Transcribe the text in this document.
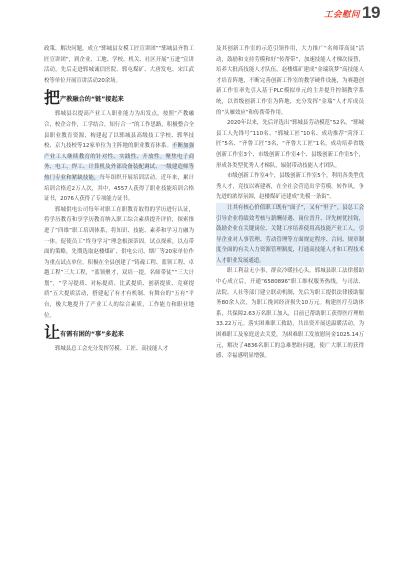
工会慰问 19

政策、解决问题。成立“郓城县女模工匠宣讲团”“郓城县齐鲁工匠宣讲团”，到企业、工地、学校、机关、社区开展“五进”宣讲活动，先后走进郓城诚信医院、郓屯煤矿、大唐发电、宋江武校等单位开展宣讲活动20余场。

把产教融合的“链”接起来

郓城县以提高产业工人职业能力为出发点，按照“产教融合，校企合作，工学结合，知行合一”的工作思路，积极整合全县职业教育资源，构建起了以郓城县高级技工学校、郓华技校、京九技校等12家单位为主阵地的职业教育体系。不断加强产业工人继续教育的针对性、实践性、开放性。聚焦电子商务、电工、焊工、计算机及外部设备装配调试、一级建造师等热门专业和紧缺技能，每年组织开展培训活动。近年来，累计培训合格近2万人次，其中，4557人获得了职业技能培训合格证书，2076人获得了专项能力证书。

郓城供电公司每年对职工在职教育取得的学历进行认证，将学历教育和享学历教育纳入职工综合素质提升评价，探索推进了“四维”职工培训体系，将知识、技能、素养和学习力融为一体，促使员工“终身学习”理念根深蒂固。试点探索，以点带面的策略，先期选取赵楼煤矿、供电公司、烟厂等20家单位作为重点试点单位，积极在全县创建了“铸魂工程、蓝领工程、卓越工程”三大工程，“蓝领聚才，双培一提，名师带徒”“三大计划”，“学习提质、对标提质、比武提质、创新提质、竞赛提质”五大提质活动，搭建起了有才有机制、有舞台的“五有”平台，极大地提升了产业工人的综合素质，工作能力和职业地位。

让有需有困的“事”多起来

郓城县总工会充分发挥劳模、工匠、高技能人才

及其创新工作室的示范引领作用，大力推广“名师带高徒”活动，鼓励和支持劳模和好“传帮带”，加速技能人才梯次接替，培养大批高技能人才队伍。赵楼煤矿建成“金瑞筑梦”高技能人才培育阵地，不断完善创新工作室的教学硬件设施，为赛越创新工作室率先引入基于PLC模拟单元的主井提升控制教学系统，以省级创新工作室为阵地，充分发挥“金瑞”人才库成员的“头雁效应”和传帮带作用。

2020年以来，先后评选出“郓城县劳动模范”52名、“郓城县工人先锋号”110名、“郓城工匠”10名、成功推荐“菏泽工匠”5名、“齐鲁工匠”3名、“齐鲁大工匠”1名，成功培养省级创新工作室3个、市级创新工作室4个、县级创新工作室5个，形成各类型优秀人才梯队，辐射带动技能人才团队。

市级创新工作室4个，县级创新工作室5个，利用各类型优秀人才，竞技以赛建赛，在全社会营造出学劳模，转作风，争先进的浓厚氛围，赵楼煤矿还建成“先模一条街”。

让其有核心价值职工既有“面子”，又有“里子”。县总工会引导企业将绩效考核与薪酬待遇、岗位晋升、评先树优挂钩，鼓励企业在关键岗位、关键工序培养使用高技能产业工人，引导企业对人事管理、劳动管理等方面规定程序、合同、规章制度全面的有关人力资源管理制度，打通高技能人才和工程技术人才职业发展通道。

职工利益无小事，群众冷暖挂心头。郓城县职工法律援助中心成立后，开通“6580896”职工维权服务热线，与司法、法院、人社等部门建立联动机制，先后为职工提供法律援助服务80余人次，为职工挽回经济损失10万元。构建医疗互助体系，共保障2.63万名职工加入，目前已帮助职工获得医疗理赔33.22万元。落实困难职工救助，共出资开展送温暖活动，为困难职工及家庭送去关爱，为困难职工发放慰问金1025.14万元，解决了4836名职工的急难愁盼问题，使广大职工的获得感、幸福感明显增强。
